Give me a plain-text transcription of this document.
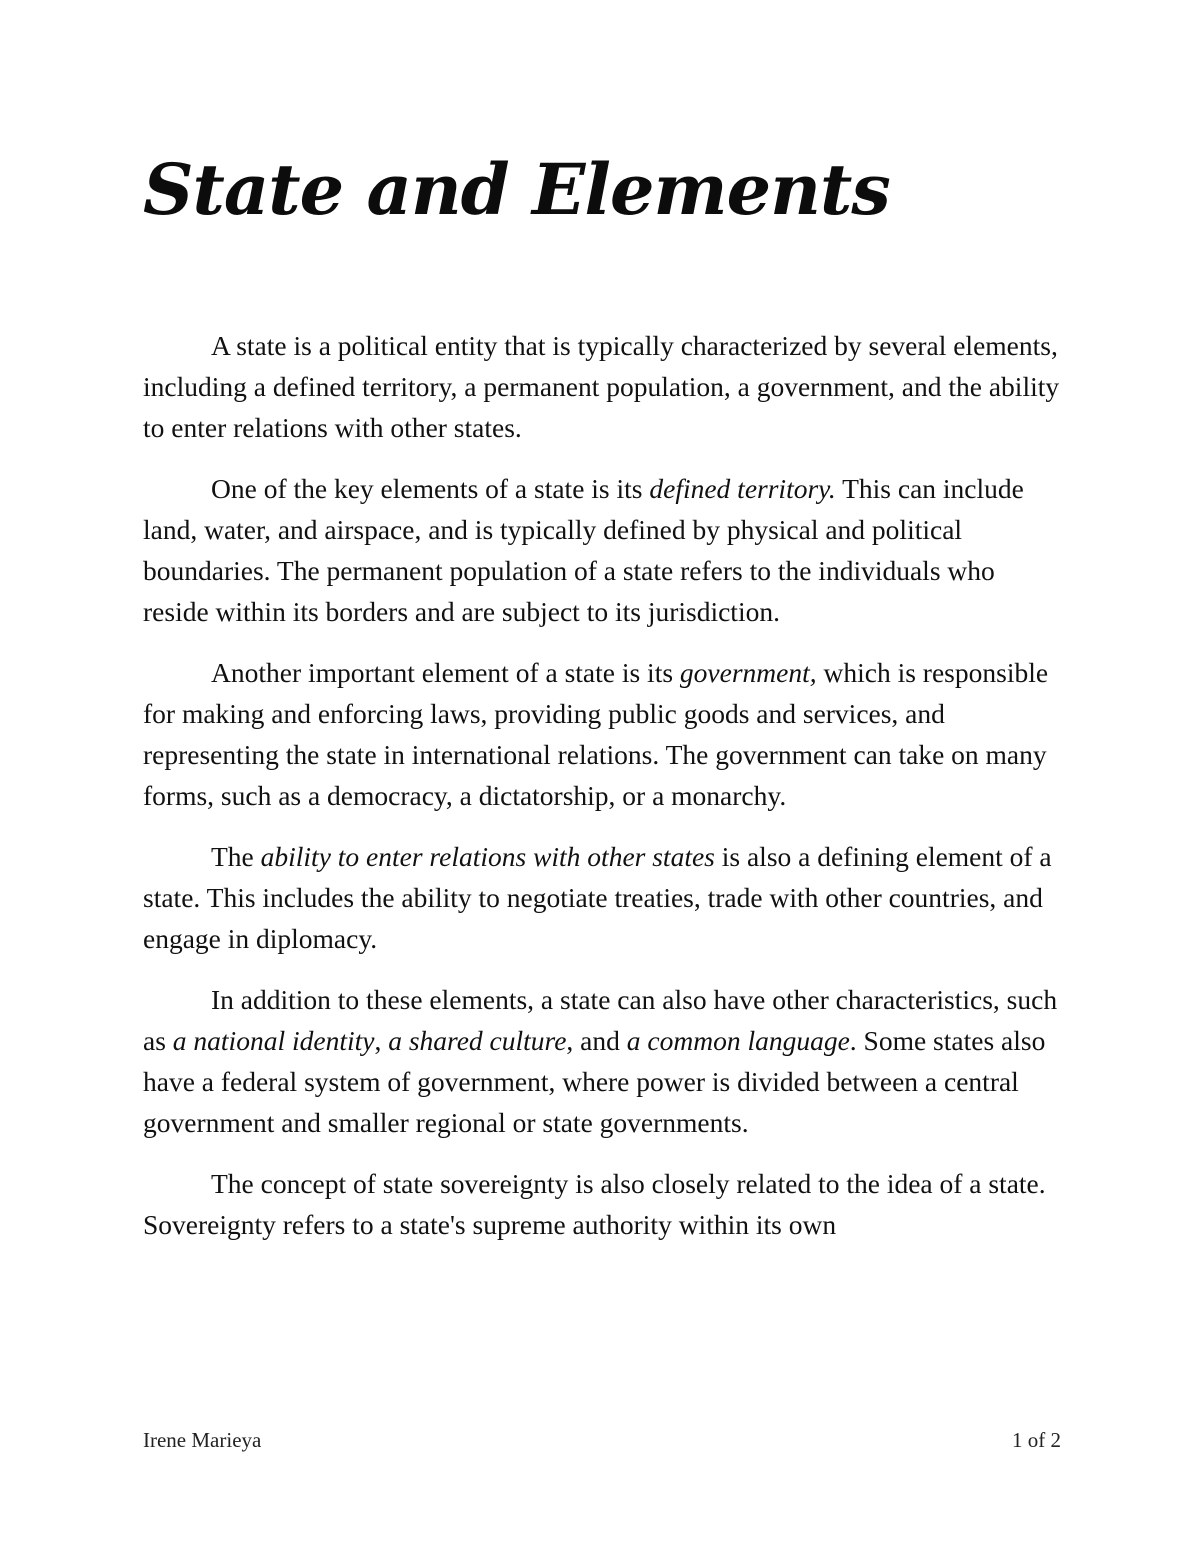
State and Elements

A state is a political entity that is typically characterized by several elements, including a defined territory, a permanent population, a government, and the ability to enter relations with other states.

One of the key elements of a state is its defined territory. This can include land, water, and airspace, and is typically defined by physical and political boundaries. The permanent population of a state refers to the individuals who reside within its borders and are subject to its jurisdiction.

Another important element of a state is its government, which is responsible for making and enforcing laws, providing public goods and services, and representing the state in international relations. The government can take on many forms, such as a democracy, a dictatorship, or a monarchy.

The ability to enter relations with other states is also a defining element of a state. This includes the ability to negotiate treaties, trade with other countries, and engage in diplomacy.

In addition to these elements, a state can also have other characteristics, such as a national identity, a shared culture, and a common language. Some states also have a federal system of government, where power is divided between a central government and smaller regional or state governments.

The concept of state sovereignty is also closely related to the idea of a state. Sovereignty refers to a state's supreme authority within its own

Irene Marieya	1 of 2
